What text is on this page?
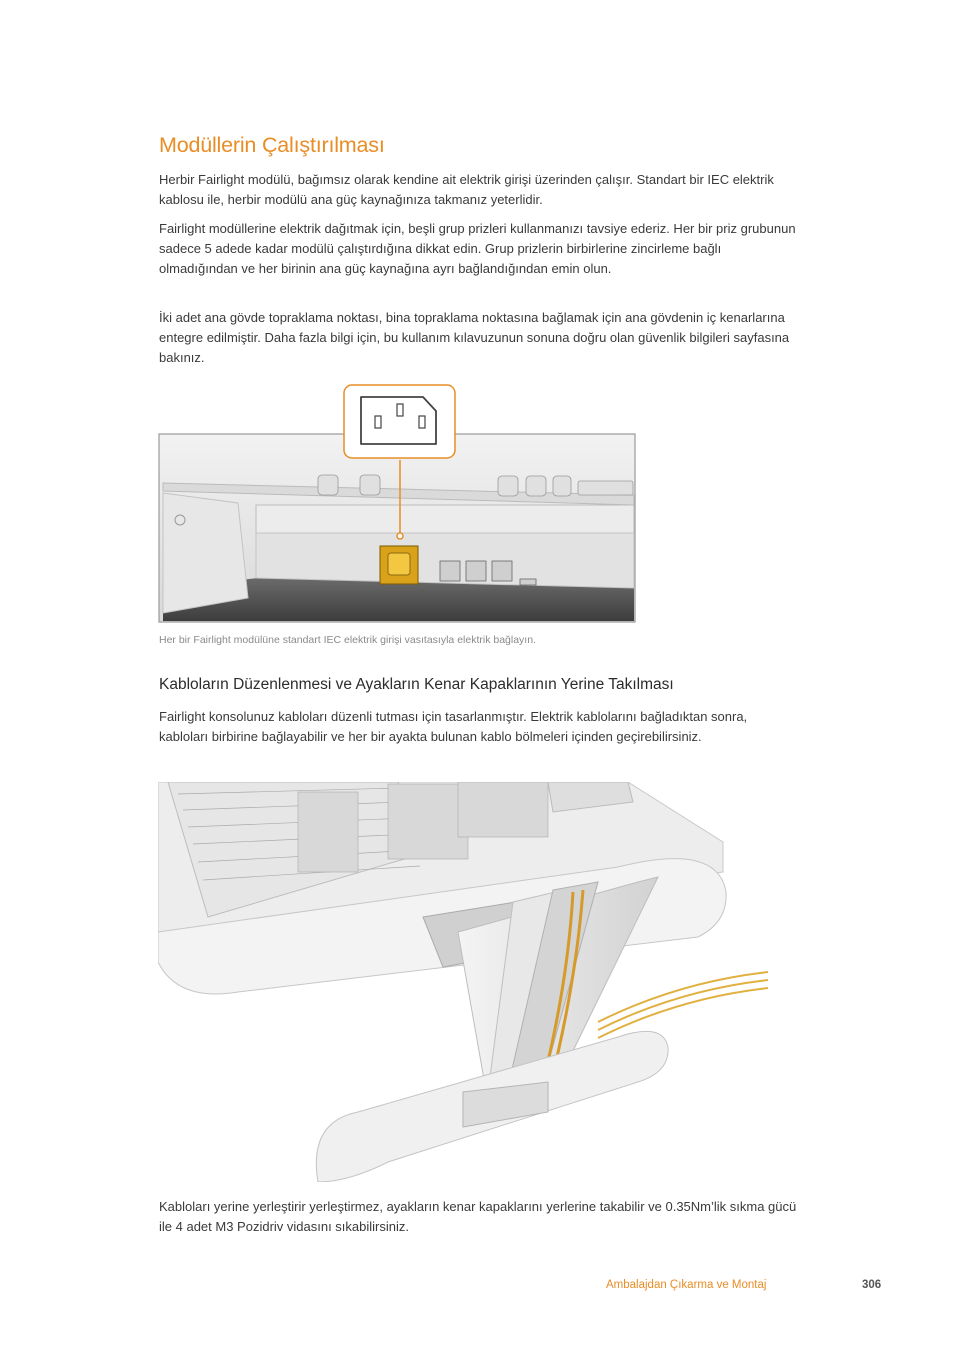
Modüllerin Çalıştırılması

Herbir Fairlight modülü, bağımsız olarak kendine ait elektrik girişi üzerinden çalışır. Standart bir IEC elektrik kablosu ile, herbir modülü ana güç kaynağınıza takmanız yeterlidir.

Fairlight modüllerine elektrik dağıtmak için, beşli grup prizleri kullanmanızı tavsiye ederiz. Her bir priz grubunun sadece 5 adede kadar modülü çalıştırdığına dikkat edin. Grup prizlerin birbirlerine zincirleme bağlı olmadığından ve her birinin ana güç kaynağına ayrı bağlandığından emin olun.

İki adet ana gövde topraklama noktası, bina topraklama noktasına bağlamak için ana gövdenin iç kenarlarına entegre edilmiştir. Daha fazla bilgi için, bu kullanım kılavuzunun sonuna doğru olan güvenlik bilgileri sayfasına bakınız.

Her bir Fairlight modülüne standart IEC elektrik girişi vasıtasıyla elektrik bağlayın.

Kabloların Düzenlenmesi ve Ayakların Kenar Kapaklarının Yerine Takılması

Fairlight konsolunuz kabloları düzenli tutması için tasarlanmıştır. Elektrik kablolarını bağladıktan sonra, kabloları birbirine bağlayabilir ve her bir ayakta bulunan kablo bölmeleri içinden geçirebilirsiniz.

Kabloları yerine yerleştirir yerleştirmez, ayakların kenar kapaklarını yerlerine takabilir ve 0.35Nm’lik sıkma gücü ile 4 adet M3 Pozidriv vidasını sıkabilirsiniz.

Ambalajdan Çıkarma ve Montaj	306
